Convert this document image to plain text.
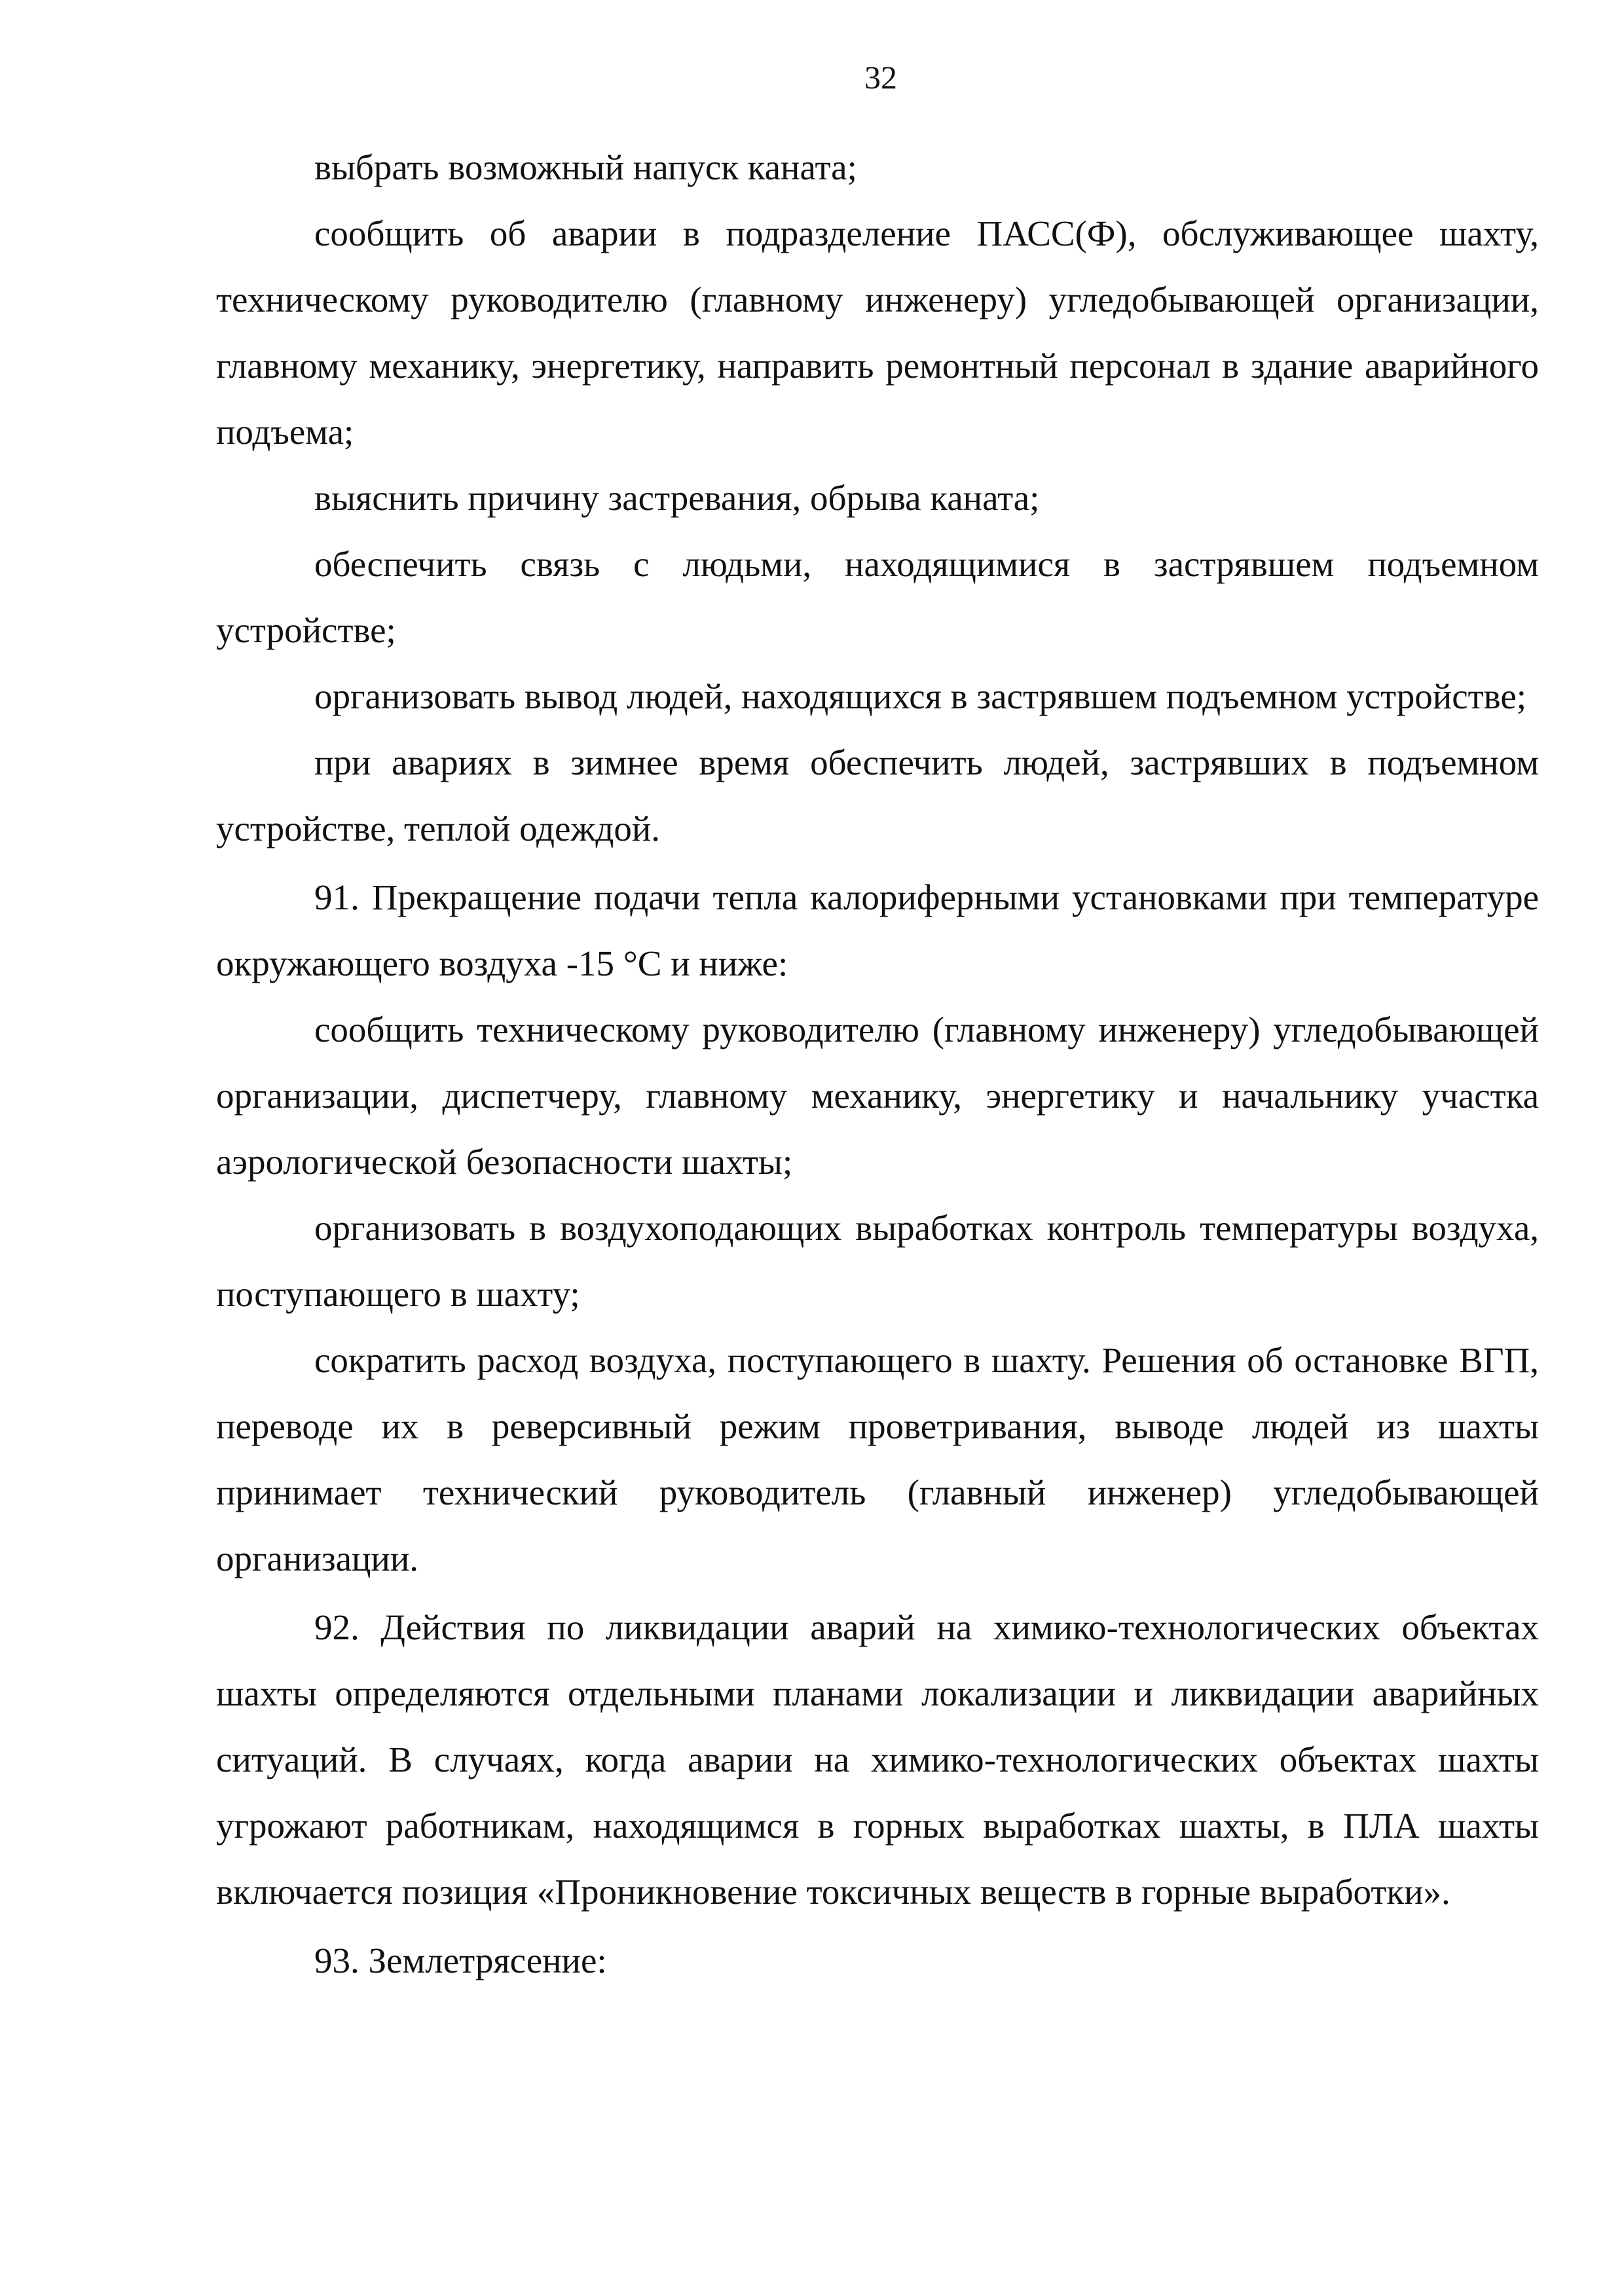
32

выбрать возможный напуск каната;

сообщить об аварии в подразделение ПАСС(Ф), обслуживающее шахту, техническому руководителю (главному инженеру) угледобывающей организации, главному механику, энергетику, направить ремонтный персонал в здание аварийного подъема;

выяснить причину застревания, обрыва каната;

обеспечить связь с людьми, находящимися в застрявшем подъемном устройстве;

организовать вывод людей, находящихся в застрявшем подъемном устройстве;

при авариях в зимнее время обеспечить людей, застрявших в подъемном устройстве, теплой одеждой.

91. Прекращение подачи тепла калориферными установками при температуре окружающего воздуха -15 °С и ниже:

сообщить техническому руководителю (главному инженеру) угледобывающей организации, диспетчеру, главному механику, энергетику и начальнику участка аэрологической безопасности шахты;

организовать в воздухоподающих выработках контроль температуры воздуха, поступающего в шахту;

сократить расход воздуха, поступающего в шахту. Решения об остановке ВГП, переводе их в реверсивный режим проветривания, выводе людей из шахты принимает технический руководитель (главный инженер) угледобывающей организации.

92. Действия по ликвидации аварий на химико-технологических объектах шахты определяются отдельными планами локализации и ликвидации аварийных ситуаций. В случаях, когда аварии на химико-технологических объектах шахты угрожают работникам, находящимся в горных выработках шахты, в ПЛА шахты включается позиция «Проникновение токсичных веществ в горные выработки».

93. Землетрясение:
